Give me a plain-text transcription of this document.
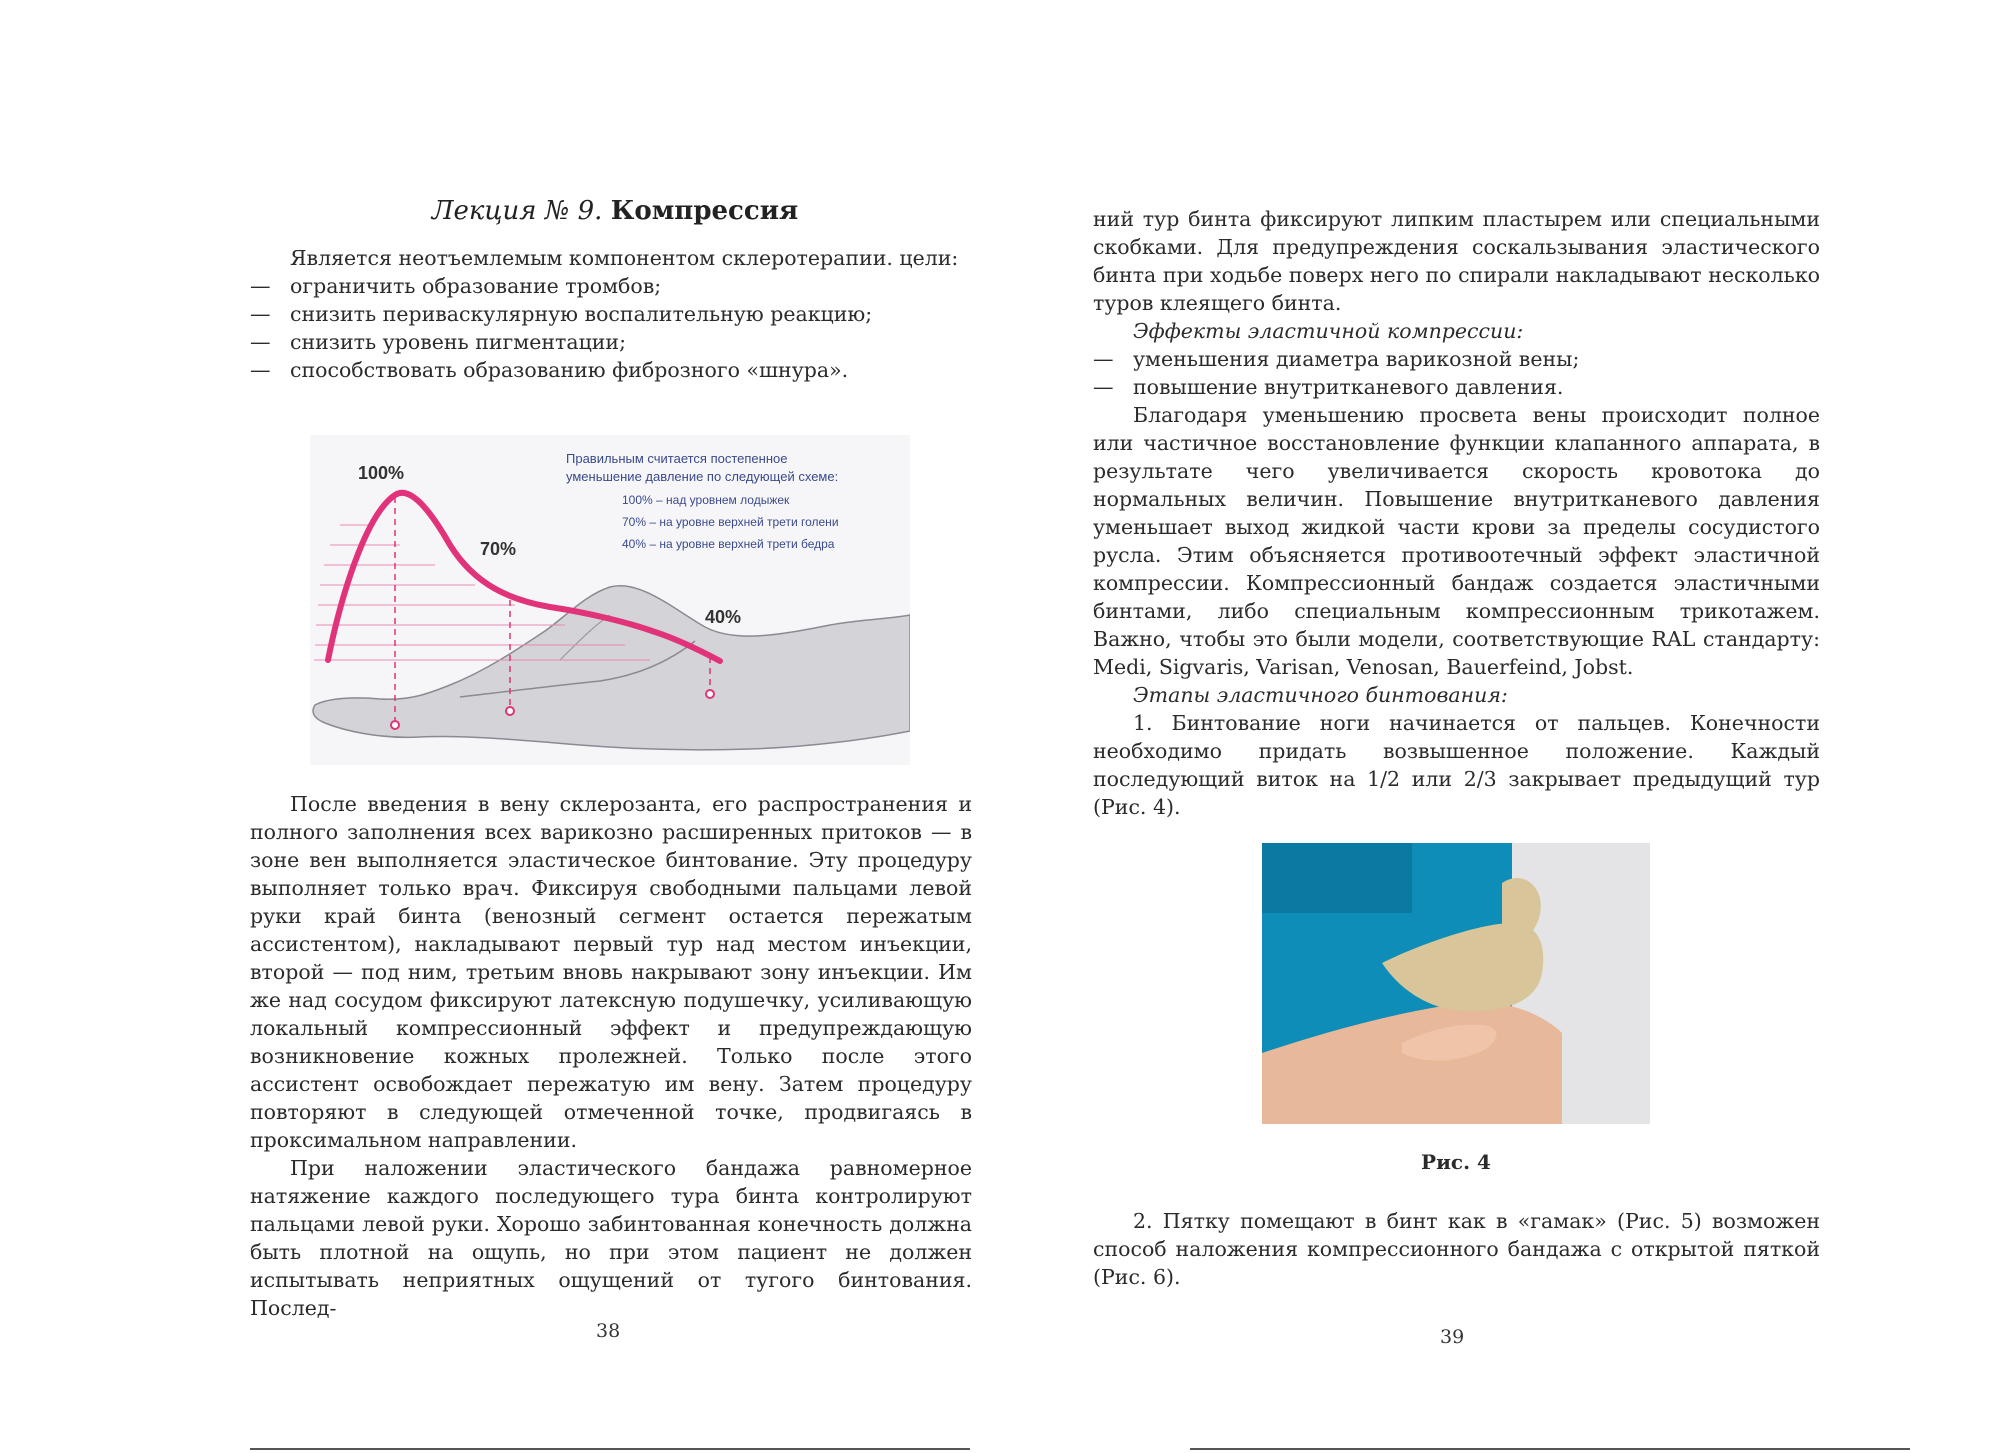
Лекция № 9. Компрессия

Является неотъемлемым компонентом склеротерапии. цели:

— ограничить образование тромбов;
— снизить периваскулярную воспалительную реакцию;
— снизить уровень пигментации;
— способствовать образованию фиброзного «шнура».
100%
70%
40%
Правильным считается постепенное
уменьшение давление по следующей схеме:
100% – над уровнем лодыжек
70% – на уровне верхней трети голени
40% – на уровне верхней трети бедра

После введения в вену склерозанта, его распространения и полного заполнения всех варикозно расширенных притоков — в зоне вен выполняется эластическое бинтование. Эту процедуру выполняет только врач. Фиксируя свободными пальцами левой руки край бинта (венозный сегмент остается пережатым ассистентом), накладывают первый тур над местом инъекции, второй — под ним, третьим вновь накрывают зону инъекции. Им же над сосудом фиксируют латексную подушечку, усиливающую локальный компрессионный эффект и предупреждающую возникновение кожных пролежней. Только после этого ассистент освобождает пережатую им вену. Затем процедуру повторяют в следующей отмеченной точке, продвигаясь в проксимальном направлении.

При наложении эластического бандажа равномерное натяжение каждого последующего тура бинта контролируют пальцами левой руки. Хорошо забинтованная конечность должна быть плотной на ощупь, но при этом пациент не должен испытывать неприятных ощущений от тугого бинтования. Послед-

38

ний тур бинта фиксируют липким пластырем или специальными скобками. Для предупреждения соскальзывания эластического бинта при ходьбе поверх него по спирали накладывают несколько туров клеящего бинта.

Эффекты эластичной компрессии:

— уменьшения диаметра варикозной вены;
— повышение внутритканевого давления.

Благодаря уменьшению просвета вены происходит полное или частичное восстановление функции клапанного аппарата, в результате чего увеличивается скорость кровотока до нормальных величин. Повышение внутритканевого давления уменьшает выход жидкой части крови за пределы сосудистого русла. Этим объясняется противоотечный эффект эластичной компрессии. Компрессионный бандаж создается эластичными бинтами, либо специальным компрессионным трикотажем. Важно, чтобы это были модели, соответствующие RAL стандарту: Medi, Sigvaris, Varisan, Venosan, Bauerfeind, Jobst.

Этапы эластичного бинтования:

1. Бинтование ноги начинается от пальцев. Конечности необходимо придать возвышенное положение. Каждый последующий виток на 1/2 или 2/3 закрывает предыдущий тур (Рис. 4).

Рис. 4

2. Пятку помещают в бинт как в «гамак» (Рис. 5) возможен способ наложения компрессионного бандажа с открытой пяткой (Рис. 6).

39
